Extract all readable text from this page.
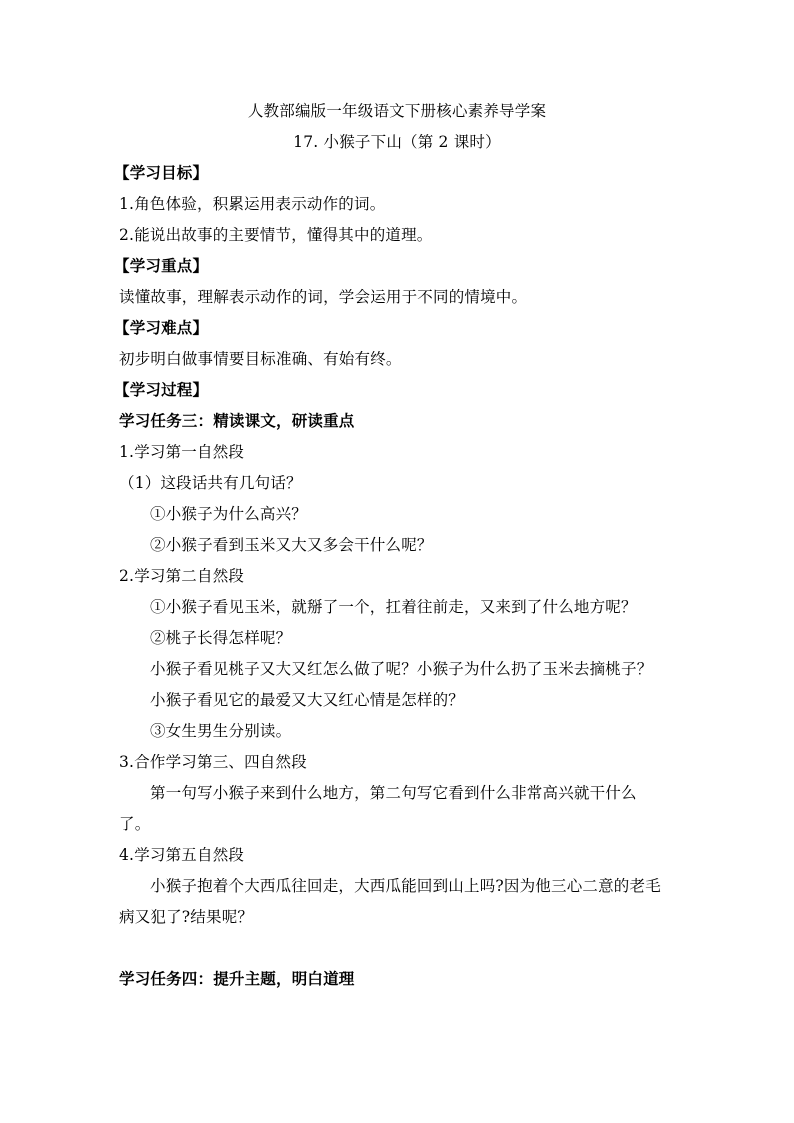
人教部编版一年级语文下册核心素养导学案
17. 小猴子下山（第 2 课时）
【学习目标】
1.角色体验，积累运用表示动作的词。
2.能说出故事的主要情节，懂得其中的道理。
【学习重点】
读懂故事，理解表示动作的词，学会运用于不同的情境中。
【学习难点】
初步明白做事情要目标准确、有始有终。
【学习过程】
学习任务三：精读课文，研读重点
1.学习第一自然段
（1）这段话共有几句话？
①小猴子为什么高兴？
②小猴子看到玉米又大又多会干什么呢？
2.学习第二自然段
①小猴子看见玉米，就掰了一个，扛着往前走，又来到了什么地方呢？
②桃子长得怎样呢？
小猴子看见桃子又大又红怎么做了呢？小猴子为什么扔了玉米去摘桃子？
小猴子看见它的最爱又大又红心情是怎样的？
③女生男生分别读。
3.合作学习第三、四自然段
第一句写小猴子来到什么地方，第二句写它看到什么非常高兴就干什么
了。
4.学习第五自然段
小猴子抱着个大西瓜往回走，大西瓜能回到山上吗?因为他三心二意的老毛
病又犯了?结果呢？
学习任务四：提升主题，明白道理
